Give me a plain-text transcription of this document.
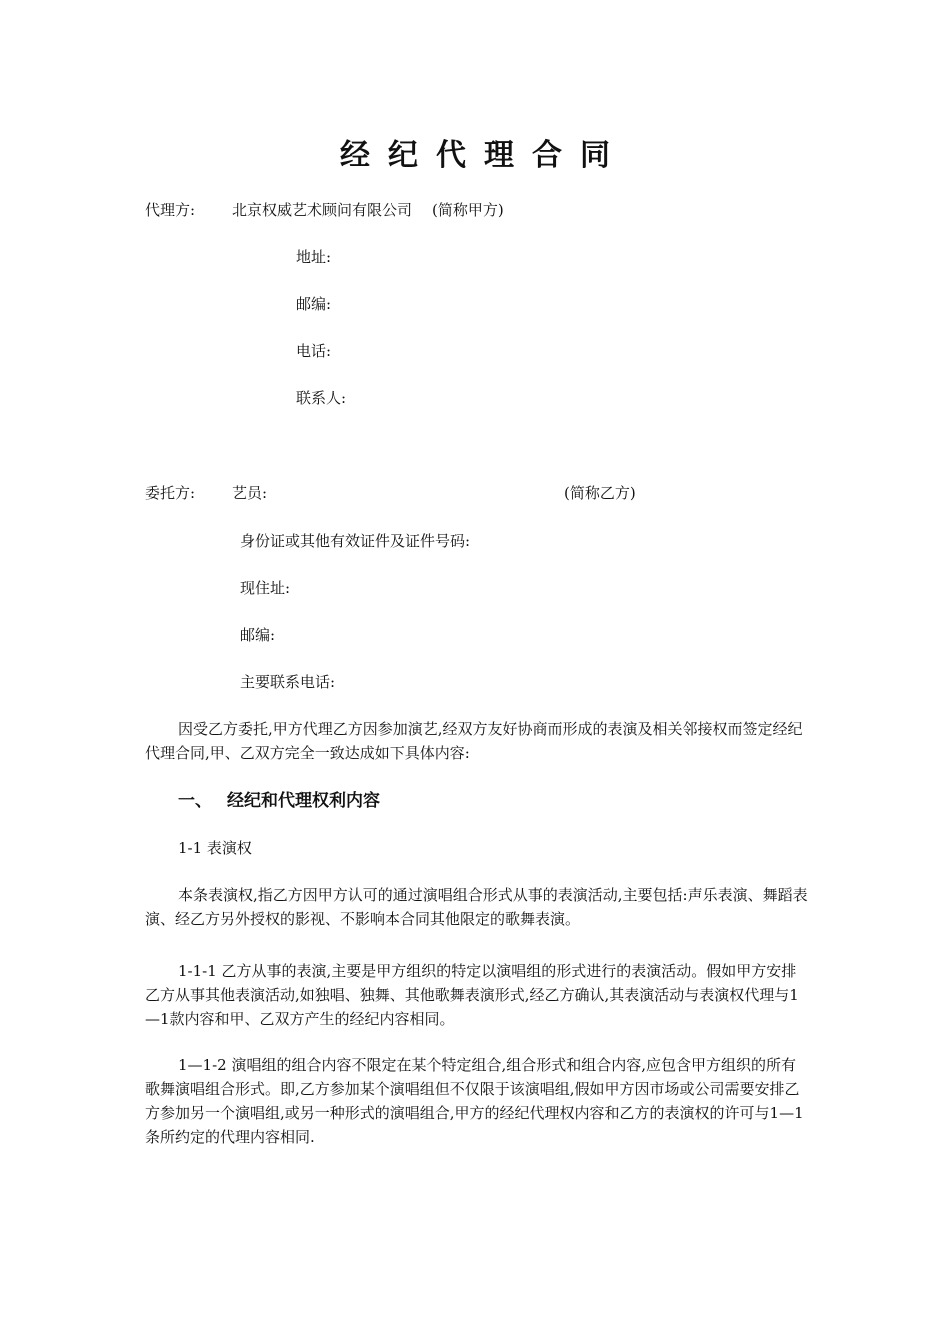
经纪代理合同
代理方: 北京权威艺术顾问有限公司 (简称甲方)
地址:
邮编:
电话:
联系人:
委托方: 艺员:	(简称乙方)
身份证或其他有效证件及证件号码:
现住址:
邮编:
主要联系电话:
因受乙方委托,甲方代理乙方因参加演艺,经双方友好协商而形成的表演及相关邻接权而签定经纪代理合同,甲、乙双方完全一致达成如下具体内容:
一、 经纪和代理权利内容
1-1 表演权
本条表演权,指乙方因甲方认可的通过演唱组合形式从事的表演活动,主要包括:声乐表演、舞蹈表演、经乙方另外授权的影视、不影响本合同其他限定的歌舞表演。
1-1-1 乙方从事的表演,主要是甲方组织的特定以演唱组的形式进行的表演活动。假如甲方安排乙方从事其他表演活动,如独唱、独舞、其他歌舞表演形式,经乙方确认,其表演活动与表演权代理与1—1款内容和甲、乙双方产生的经纪内容相同。
1—1-2 演唱组的组合内容不限定在某个特定组合,组合形式和组合内容,应包含甲方组织的所有歌舞演唱组合形式。即,乙方参加某个演唱组但不仅限于该演唱组,假如甲方因市场或公司需要安排乙方参加另一个演唱组,或另一种形式的演唱组合,甲方的经纪代理权内容和乙方的表演权的许可与1—1条所约定的代理内容相同.
